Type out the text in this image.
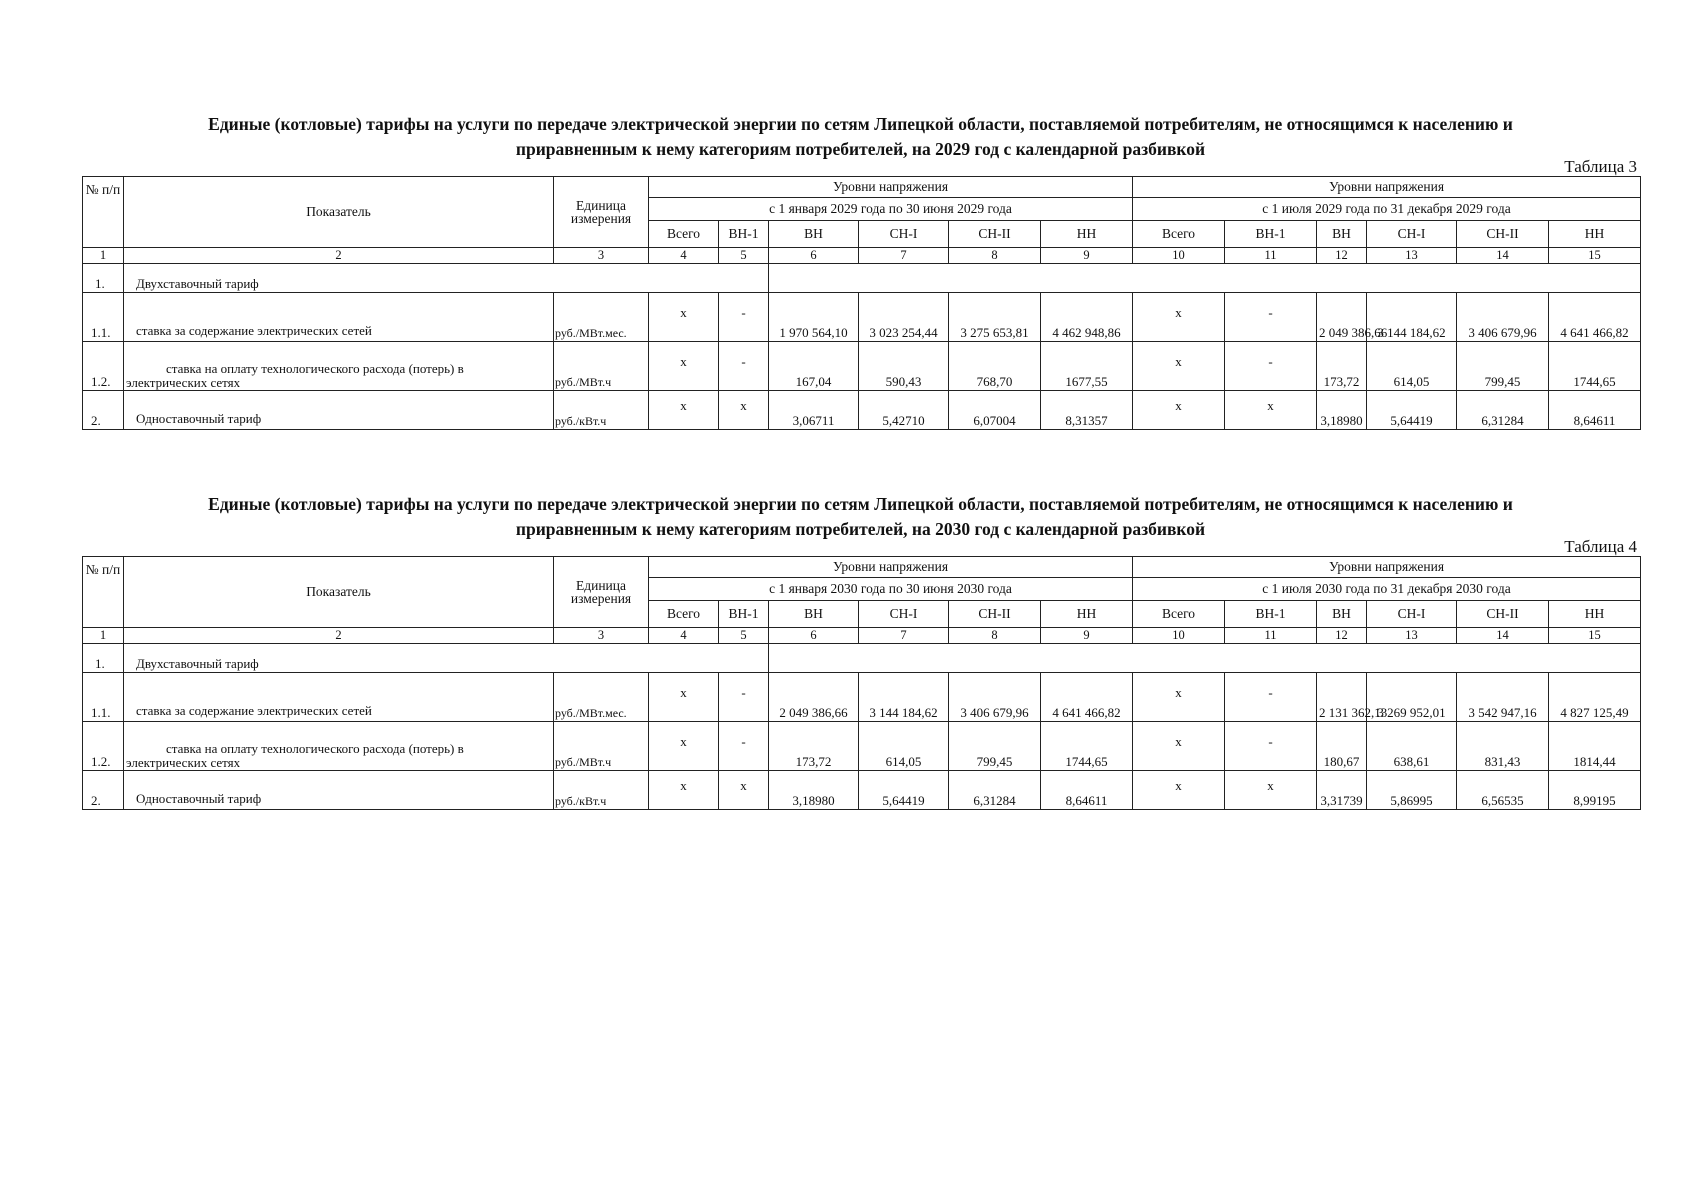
Единые (котловые) тарифы на услуги по передаче электрической энергии по сетям Липецкой области, поставляемой потребителям, не относящимся к населению и
приравненным к нему категориям потребителей, на 2029 год с календарной разбивкой
Таблица 3
№ п/п	Показатель	Единица измерения	Уровни напряжения						Уровни напряжения					
			с 1 января 2029 года по 30 июня 2029 года						с 1 июля 2029 года по 31 декабря 2029 года					
			Всего	ВН-1	ВН	СН-I	СН-II	НН	Всего	ВН-1	ВН	СН-I	СН-II	НН
1	2	3	4	5	6	7	8	9	10	11	12	13	14	15
1.	Двухставочный тариф													
1.1.	ставка за содержание электрических сетей	руб./МВт.мес.	x	-	1 970 564,10	3 023 254,44	3 275 653,81	4 462 948,86	x	-	2 049 386,66	3 144 184,62	3 406 679,96	4 641 466,82
1.2.	ставка на оплату технологического расхода (потерь) в
электрических сетях	руб./МВт.ч	x	-	167,04	590,43	768,70	1677,55	x	-	173,72	614,05	799,45	1744,65
2.	Одноставочный тариф	руб./кВт.ч	x	x	3,06711	5,42710	6,07004	8,31357	x	x	3,18980	5,64419	6,31284	8,64611
Единые (котловые) тарифы на услуги по передаче электрической энергии по сетям Липецкой области, поставляемой потребителям, не относящимся к населению и
приравненным к нему категориям потребителей, на 2030 год с календарной разбивкой
Таблица 4
№ п/п	Показатель	Единица измерения	Уровни напряжения						Уровни напряжения					
			с 1 января 2030 года по 30 июня 2030 года						с 1 июля 2030 года по 31 декабря 2030 года					
			Всего	ВН-1	ВН	СН-I	СН-II	НН	Всего	ВН-1	ВН	СН-I	СН-II	НН
1	2	3	4	5	6	7	8	9	10	11	12	13	14	15
1.	Двухставочный тариф													
1.1.	ставка за содержание электрических сетей	руб./МВт.мес.	x	-	2 049 386,66	3 144 184,62	3 406 679,96	4 641 466,82	x	-	2 131 362,13	3 269 952,01	3 542 947,16	4 827 125,49
1.2.	ставка на оплату технологического расхода (потерь) в
электрических сетях	руб./МВт.ч	x	-	173,72	614,05	799,45	1744,65	x	-	180,67	638,61	831,43	1814,44
2.	Одноставочный тариф	руб./кВт.ч	x	x	3,18980	5,64419	6,31284	8,64611	x	x	3,31739	5,86995	6,56535	8,99195
